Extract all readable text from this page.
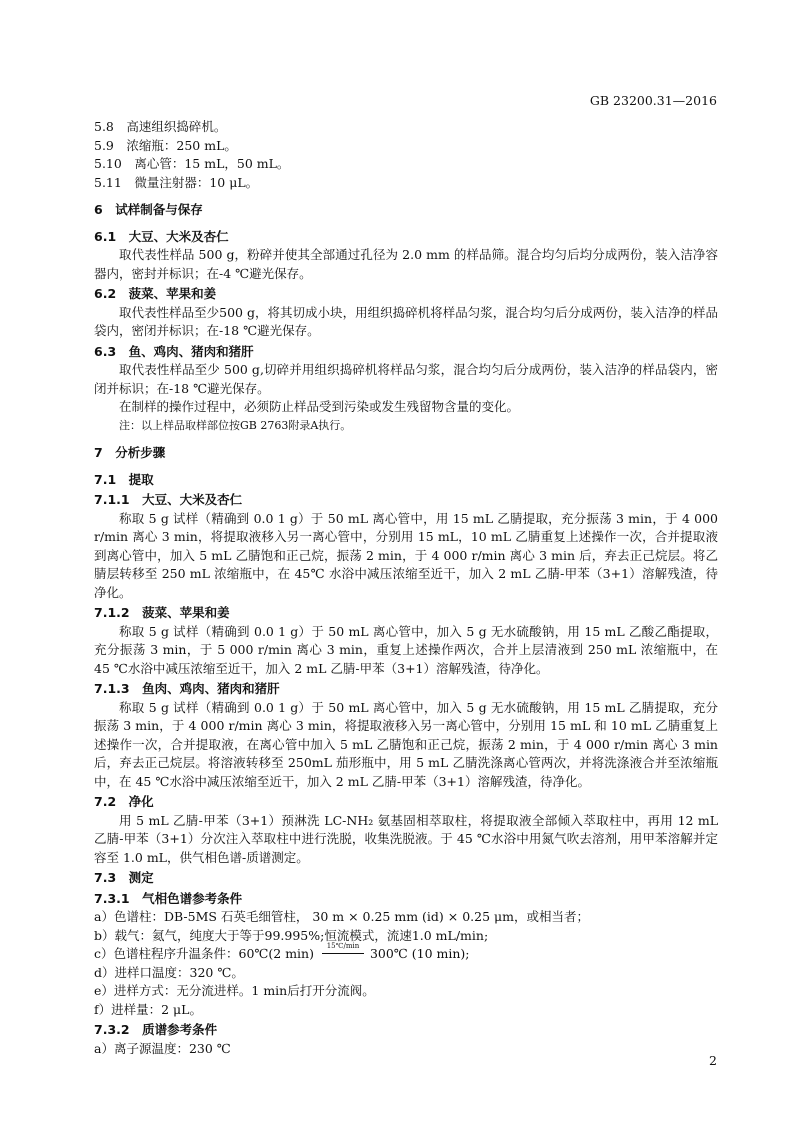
GB 23200.31—2016

5.8　高速组织捣碎机。

5.9　浓缩瓶：250 mL。

5.10　离心管：15 mL，50 mL。

5.11　微量注射器：10 μL。

6　试样制备与保存

6.1　大豆、大米及杏仁

取代表性样品 500 g，粉碎并使其全部通过孔径为 2.0 mm 的样品筛。混合均匀后均分成两份，装入洁净容器内，密封并标识；在-4 ℃避光保存。

6.2　菠菜、苹果和姜

取代表性样品至少500 g，将其切成小块，用组织捣碎机将样品匀浆，混合均匀后分成两份，装入洁净的样品袋内，密闭并标识；在-18 ℃避光保存。

6.3　鱼、鸡肉、猪肉和猪肝

取代表性样品至少 500 g,切碎并用组织捣碎机将样品匀浆，混合均匀后分成两份，装入洁净的样品袋内，密闭并标识；在-18 ℃避光保存。

在制样的操作过程中，必须防止样品受到污染或发生残留物含量的变化。

注：以上样品取样部位按GB 2763附录A执行。

7　分析步骤

7.1　提取

7.1.1　大豆、大米及杏仁

称取 5 g 试样（精确到 0.0 1 g）于 50 mL 离心管中，用 15 mL 乙腈提取，充分振荡 3 min，于 4 000 r/min 离心 3 min，将提取液移入另一离心管中，分别用 15 mL，10 mL 乙腈重复上述操作一次，合并提取液到离心管中，加入 5 mL 乙腈饱和正己烷，振荡 2 min，于 4 000 r/min 离心 3 min 后，弃去正己烷层。将乙腈层转移至 250 mL 浓缩瓶中，在 45℃ 水浴中减压浓缩至近干，加入 2 mL 乙腈-甲苯（3+1）溶解残渣，待净化。

7.1.2　菠菜、苹果和姜

称取 5 g 试样（精确到 0.0 1 g）于 50 mL 离心管中，加入 5 g 无水硫酸钠，用 15 mL 乙酸乙酯提取，充分振荡 3 min，于 5 000 r/min 离心 3 min，重复上述操作两次，合并上层清液到 250 mL 浓缩瓶中，在 45 ℃水浴中减压浓缩至近干，加入 2 mL 乙腈-甲苯（3+1）溶解残渣，待净化。

7.1.3　鱼肉、鸡肉、猪肉和猪肝

称取 5 g 试样（精确到 0.0 1 g）于 50 mL 离心管中，加入 5 g 无水硫酸钠，用 15 mL 乙腈提取，充分振荡 3 min，于 4 000 r/min 离心 3 min，将提取液移入另一离心管中，分别用 15 mL 和 10 mL 乙腈重复上述操作一次，合并提取液，在离心管中加入 5 mL 乙腈饱和正己烷，振荡 2 min，于 4 000 r/min 离心 3 min 后，弃去正己烷层。将溶液转移至 250mL 茄形瓶中，用 5 mL 乙腈洗涤离心管两次，并将洗涤液合并至浓缩瓶中，在 45 ℃水浴中减压浓缩至近干，加入 2 mL 乙腈-甲苯（3+1）溶解残渣，待净化。

7.2　净化

用 5 mL 乙腈-甲苯（3+1）预淋洗 LC-NH₂ 氨基固相萃取柱，将提取液全部倾入萃取柱中，再用 12 mL 乙腈-甲苯（3+1）分次注入萃取柱中进行洗脱，收集洗脱液。于 45 ℃水浴中用氮气吹去溶剂，用甲苯溶解并定容至 1.0 mL，供气相色谱-质谱测定。

7.3　测定

7.3.1　气相色谱参考条件

a）色谱柱：DB-5MS 石英毛细管柱， 30 m × 0.25 mm (id) × 0.25 μm，或相当者；

b）载气：氦气，纯度大于等于99.995%;恒流模式，流速1.0 mL/min;

c）色谱柱程序升温条件：60℃(2 min)
15℃/min
300℃ (10 min);

d）进样口温度：320 ℃。

e）进样方式：无分流进样。1 min后打开分流阀。

f）进样量：2 μL。

7.3.2　质谱参考条件

a）离子源温度：230 ℃

2
